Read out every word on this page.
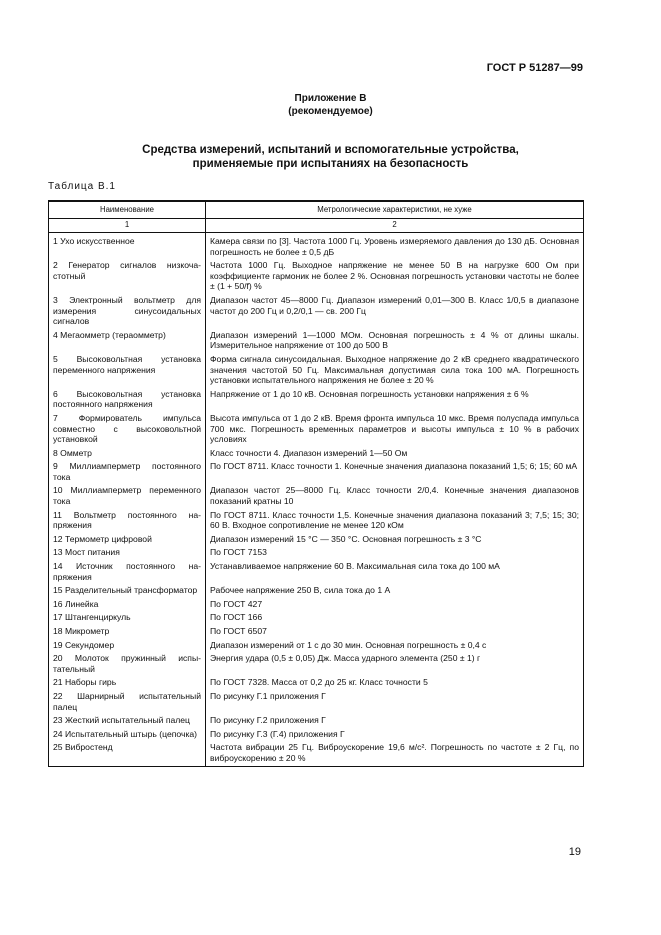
ГОСТ Р 51287—99
Приложение В
(рекомендуемое)
Средства измерений, испытаний и вспомогательные устройства,
применяемые при испытаниях на безопасность
Таблица В.1
Наименование	Метрологические характеристики, не хуже
1	2
1 Ухо искусственное	Камера связи по [3]. Частота 1000 Гц. Уровень измеряемого давления до 130 дБ. Основная погрешность не более ± 0,5 дБ
2 Генератор сигналов низкочастотный	Частота 1000 Гц. Выходное напряжение не менее 50 В на нагрузке 600 Ом при коэффициенте гармоник не более 2 %. Основная погрешность установки частоты не более ± (1 + 50/f) %
3 Электронный вольтметр для измерения синусоидальных сигналов	Диапазон частот 45—8000 Гц. Диапазон измерений 0,01—300 В. Класс 1/0,5 в диапазоне частот до 200 Гц и 0,2/0,1 — св. 200 Гц
4 Мегаомметр (тераомметр)	Диапазон измерений 1—1000 МОм. Основная погрешность ± 4 % от длины шкалы. Измерительное напряжение от 100 до 500 В
5 Высоковольтная установка переменного напряжения	Форма сигнала синусоидальная. Выходное напряжение до 2 кВ среднего квадратического значения частотой 50 Гц. Максимальная допустимая сила тока 100 мА. Погрешность установки испытательного напряжения не более ± 20 %
6 Высоковольтная установка постоянного напряжения	Напряжение от 1 до 10 кВ. Основная погрешность установки напряжения ± 6 %
7 Формирователь импульса совместно с высоковольтной установкой	Высота импульса от 1 до 2 кВ. Время фронта импульса 10 мкс. Время полуспада импульса 700 мкс. Погрешность временных параметров и высоты импульса ± 10 % в рабочих условиях
8 Омметр	Класс точности 4. Диапазон измерений 1—50 Ом
9 Миллиамперметр постоянного тока	По ГОСТ 8711. Класс точности 1. Конечные значения диапазона показаний 1,5; 6; 15; 60 мА
10 Миллиамперметр переменного тока	Диапазон частот 25—8000 Гц. Класс точности 2/0,4. Конечные значения диапазонов показаний кратны 10
11 Вольтметр постоянного напряжения	По ГОСТ 8711. Класс точности 1,5. Конечные значения диапазона показаний 3; 7,5; 15; 30; 60 В. Входное сопротивление не менее 120 кОм
12 Термометр цифровой	Диапазон измерений 15 °С — 350 °С. Основная погрешность ± 3 °С
13 Мост питания	По ГОСТ 7153
14 Источник постоянного напряжения	Устанавливаемое напряжение 60 В. Максимальная сила тока до 100 мА
15 Разделительный трансформатор	Рабочее напряжение 250 В, сила тока до 1 А
16 Линейка	По ГОСТ 427
17 Штангенциркуль	По ГОСТ 166
18 Микрометр	По ГОСТ 6507
19 Секундомер	Диапазон измерений от 1 с до 30 мин. Основная погрешность ± 0,4 с
20 Молоток пружинный испытательный	Энергия удара (0,5 ± 0,05) Дж. Масса ударного элемента (250 ± 1) г
21 Наборы гирь	По ГОСТ 7328. Масса от 0,2 до 25 кг. Класс точности 5
22 Шарнирный испытательный палец	По рисунку Г.1 приложения Г
23 Жесткий испытательный палец	По рисунку Г.2 приложения Г
24 Испытательный штырь (цепочка)	По рисунку Г.3 (Г.4) приложения Г
25 Вибростенд	Частота вибрации 25 Гц. Виброускорение 19,6 м/с². Погрешность по частоте ± 2 Гц, по виброускорению ± 20 %
19
